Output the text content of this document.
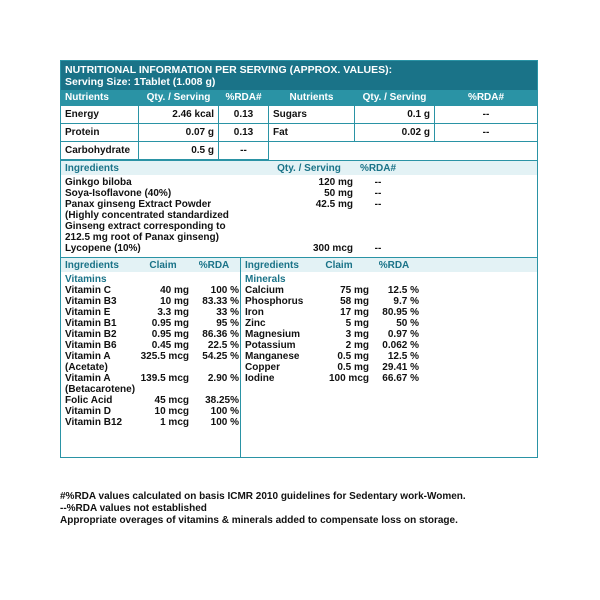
NUTRITIONAL INFORMATION PER SERVING (APPROX. VALUES):
Serving Size: 1Tablet (1.008 g)
Nutrients	Qty. / Serving	%RDA#	Nutrients	Qty. / Serving	%RDA#
Energy	2.46 kcal	0.13	Sugars	0.1 g	--
Protein	0.07 g	0.13	Fat	0.02 g	--
Carbohydrate	0.5 g	--
Ingredients	Qty. / Serving	%RDA#
Ginkgo biloba	120 mg	--
Soya-Isoflavone (40%)	50 mg	--
Panax ginseng Extract Powder	42.5 mg	--
(Highly concentrated standardized
Ginseng extract corresponding to
212.5 mg root of Panax ginseng)
Lycopene (10%)	300 mcg	--
Ingredients	Claim	%RDA
Vitamins
Vitamin C	40 mg	100 %
Vitamin B3	10 mg	83.33 %
Vitamin E	3.3 mg	33 %
Vitamin B1	0.95 mg	95 %
Vitamin B2	0.95 mg	86.36 %
Vitamin B6	0.45 mg	22.5 %
Vitamin A	325.5 mcg	54.25 %
(Acetate)
Vitamin A	139.5 mcg	2.90 %
(Betacarotene)
Folic Acid	45 mcg	38.25%
Vitamin D	10 mcg	100 %
Vitamin B12	1 mcg	100 %
Ingredients	Claim	%RDA
Minerals
Calcium	75 mg	12.5 %
Phosphorus	58 mg	9.7 %
Iron	17 mg	80.95 %
Zinc	5 mg	50 %
Magnesium	3 mg	0.97 %
Potassium	2 mg	0.062 %
Manganese	0.5 mg	12.5 %
Copper	0.5 mg	29.41 %
Iodine	100 mcg	66.67 %
#%RDA values calculated on basis ICMR 2010 guidelines for Sedentary work-Women.
--%RDA values not established
Appropriate overages of vitamins & minerals added to compensate loss on storage.
